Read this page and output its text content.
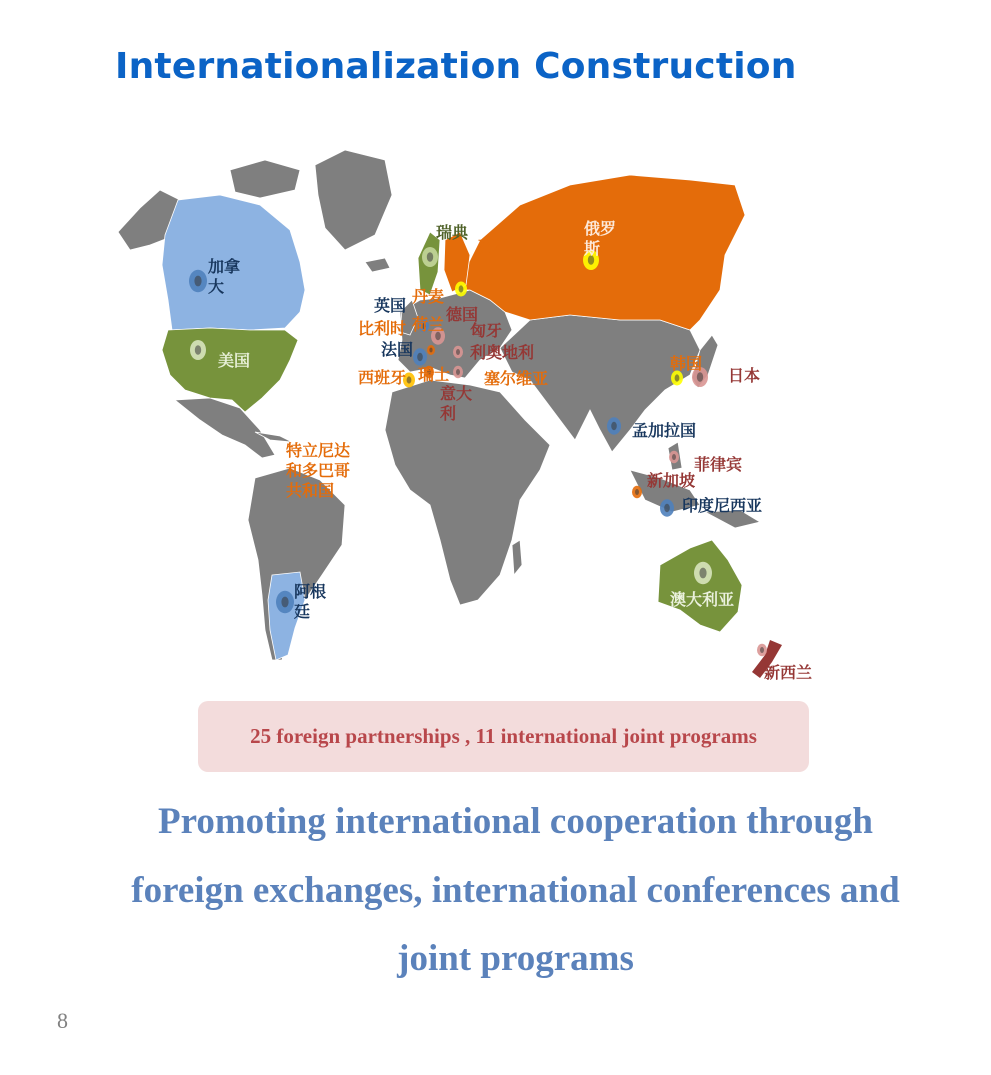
Internationalization Construction
加拿大
美国
阿根廷
特立尼达和多巴哥共和国
瑞典
芬兰
俄罗斯
英国 丹麦
德国
荷兰
比利时	匈牙
法国	利奥地利
西班牙 瑞士 塞尔维亚
意大利
韩国
日本
孟加拉国
菲律宾
新加坡
印度尼西亚
澳大利亚
新西兰
25 foreign partnerships , 11 international joint programs
Promoting international cooperation through
foreign exchanges, international conferences and
joint programs
8
